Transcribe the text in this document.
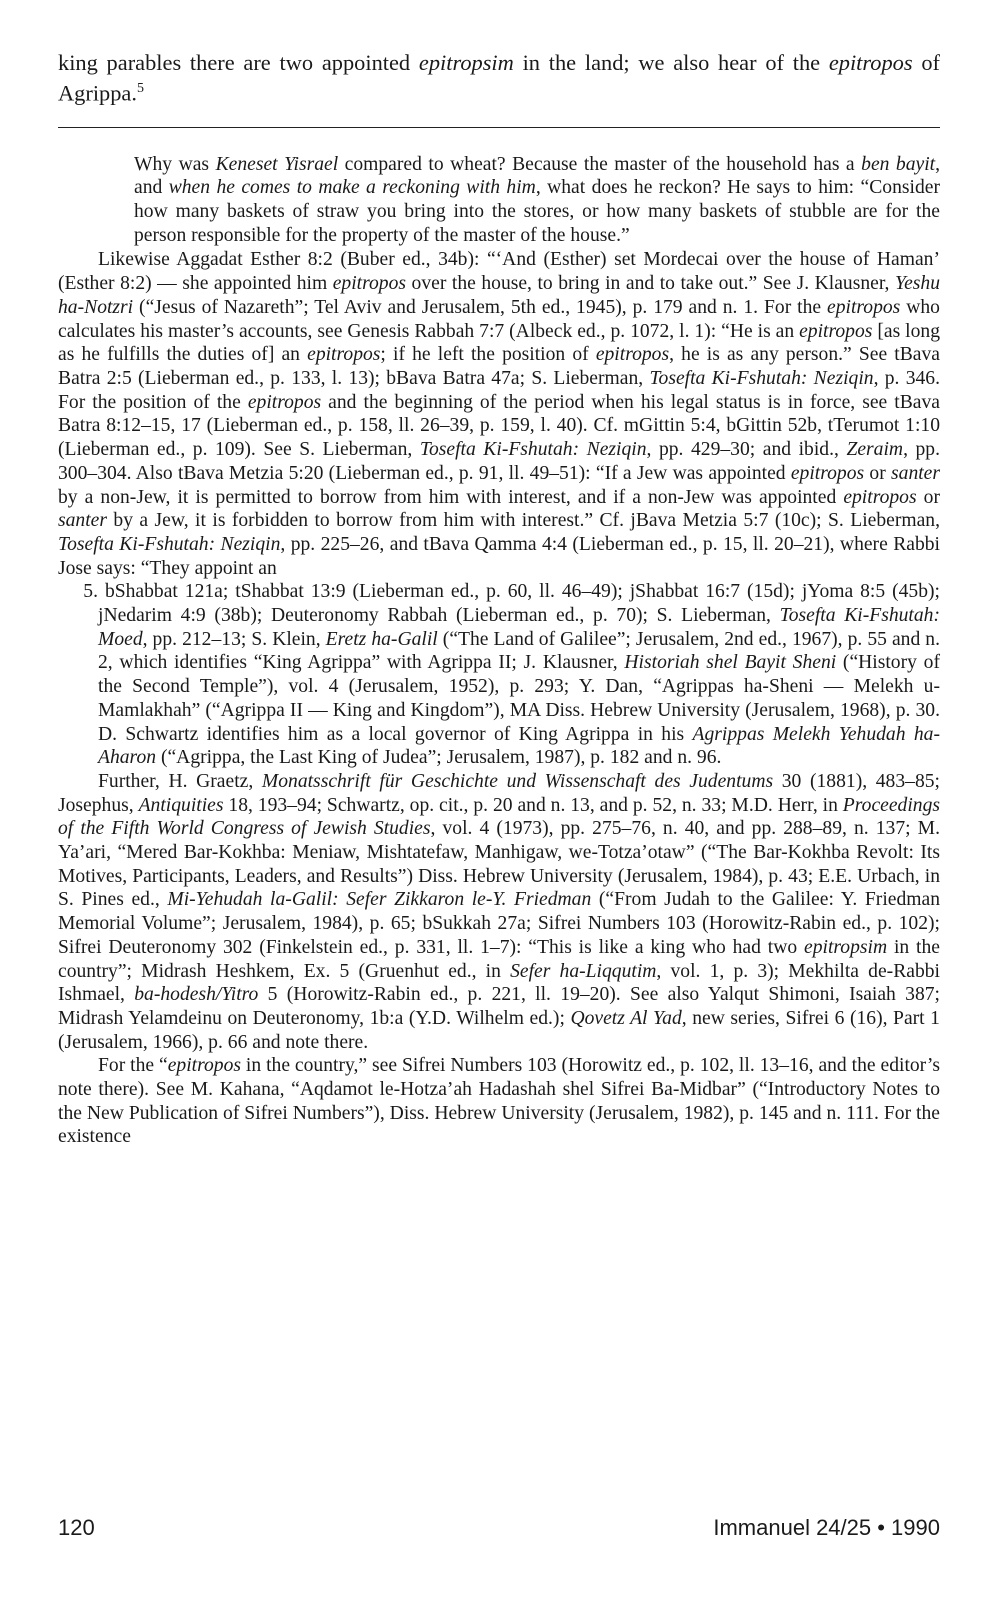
king parables there are two appointed epitropsim in the land; we also hear of the epitropos of Agrippa.$^5$

Why was Keneset Yisrael compared to wheat? Because the master of the household has a ben bayit, and when he comes to make a reckoning with him, what does he reckon? He says to him: “Consider how many baskets of straw you bring into the stores, or how many baskets of stubble are for the person responsible for the property of the master of the house.”

Likewise Aggadat Esther 8:2 (Buber ed., 34b): “‘And (Esther) set Mordecai over the house of Haman’ (Esther 8:2) — she appointed him epitropos over the house, to bring in and to take out.” See J. Klausner, Yeshu ha-Notzri (“Jesus of Nazareth”; Tel Aviv and Jerusalem, 5th ed., 1945), p. 179 and n. 1. For the epitropos who calculates his master’s accounts, see Genesis Rabbah 7:7 (Albeck ed., p. 1072, l. 1): “He is an epitropos [as long as he fulfills the duties of] an epitropos; if he left the position of epitropos, he is as any person.” See tBava Batra 2:5 (Lieberman ed., p. 133, l. 13); bBava Batra 47a; S. Lieberman, Tosefta Ki-Fshutah: Neziqin, p. 346. For the position of the epitropos and the beginning of the period when his legal status is in force, see tBava Batra 8:12–15, 17 (Lieberman ed., p. 158, ll. 26–39, p. 159, l. 40). Cf. mGittin 5:4, bGittin 52b, tTerumot 1:10 (Lieberman ed., p. 109). See S. Lieberman, Tosefta Ki-Fshutah: Neziqin, pp. 429–30; and ibid., Zeraim, pp. 300–304. Also tBava Metzia 5:20 (Lieberman ed., p. 91, ll. 49–51): “If a Jew was appointed epitropos or santer by a non-Jew, it is permitted to borrow from him with interest, and if a non-Jew was appointed epitropos or santer by a Jew, it is forbidden to borrow from him with interest.” Cf. jBava Metzia 5:7 (10c); S. Lieberman, Tosefta Ki-Fshutah: Neziqin, pp. 225–26, and tBava Qamma 4:4 (Lieberman ed., p. 15, ll. 20–21), where Rabbi Jose says: “They appoint an

5. bShabbat 121a; tShabbat 13:9 (Lieberman ed., p. 60, ll. 46–49); jShabbat 16:7 (15d); jYoma 8:5 (45b); jNedarim 4:9 (38b); Deuteronomy Rabbah (Lieberman ed., p. 70); S. Lieberman, Tosefta Ki-Fshutah: Moed, pp. 212–13; S. Klein, Eretz ha-Galil (“The Land of Galilee”; Jerusalem, 2nd ed., 1967), p. 55 and n. 2, which identifies “King Agrippa” with Agrippa II; J. Klausner, Historiah shel Bayit Sheni (“History of the Second Temple”), vol. 4 (Jerusalem, 1952), p. 293; Y. Dan, “Agrippas ha-Sheni — Melekh u-Mamlakhah” (“Agrippa II — King and Kingdom”), MA Diss. Hebrew University (Jerusalem, 1968), p. 30. D. Schwartz identifies him as a local governor of King Agrippa in his Agrippas Melekh Yehudah ha-Aharon (“Agrippa, the Last King of Judea”; Jerusalem, 1987), p. 182 and n. 96.

Further, H. Graetz, Monatsschrift für Geschichte und Wissenschaft des Judentums 30 (1881), 483–85; Josephus, Antiquities 18, 193–94; Schwartz, op. cit., p. 20 and n. 13, and p. 52, n. 33; M.D. Herr, in Proceedings of the Fifth World Congress of Jewish Studies, vol. 4 (1973), pp. 275–76, n. 40, and pp. 288–89, n. 137; M. Ya’ari, “Mered Bar-Kokhba: Meniaw, Mishtatefaw, Manhigaw, we-Totza’otaw” (“The Bar-Kokhba Revolt: Its Motives, Participants, Leaders, and Results”) Diss. Hebrew University (Jerusalem, 1984), p. 43; E.E. Urbach, in S. Pines ed., Mi-Yehudah la-Galil: Sefer Zikkaron le-Y. Friedman (“From Judah to the Galilee: Y. Friedman Memorial Volume”; Jerusalem, 1984), p. 65; bSukkah 27a; Sifrei Numbers 103 (Horowitz-Rabin ed., p. 102); Sifrei Deuteronomy 302 (Finkelstein ed., p. 331, ll. 1–7): “This is like a king who had two epitropsim in the country”; Midrash Heshkem, Ex. 5 (Gruenhut ed., in Sefer ha-Liqqutim, vol. 1, p. 3); Mekhilta de-Rabbi Ishmael, ba-hodesh/Yitro 5 (Horowitz-Rabin ed., p. 221, ll. 19–20). See also Yalqut Shimoni, Isaiah 387; Midrash Yelamdeinu on Deuteronomy, 1b:a (Y.D. Wilhelm ed.); Qovetz Al Yad, new series, Sifrei 6 (16), Part 1 (Jerusalem, 1966), p. 66 and note there.

For the “epitropos in the country,” see Sifrei Numbers 103 (Horowitz ed., p. 102, ll. 13–16, and the editor’s note there). See M. Kahana, “Aqdamot le-Hotza’ah Hadashah shel Sifrei Ba-Midbar” (“Introductory Notes to the New Publication of Sifrei Numbers”), Diss. Hebrew University (Jerusalem, 1982), p. 145 and n. 111. For the existence

120	Immanuel 24/25 • 1990
